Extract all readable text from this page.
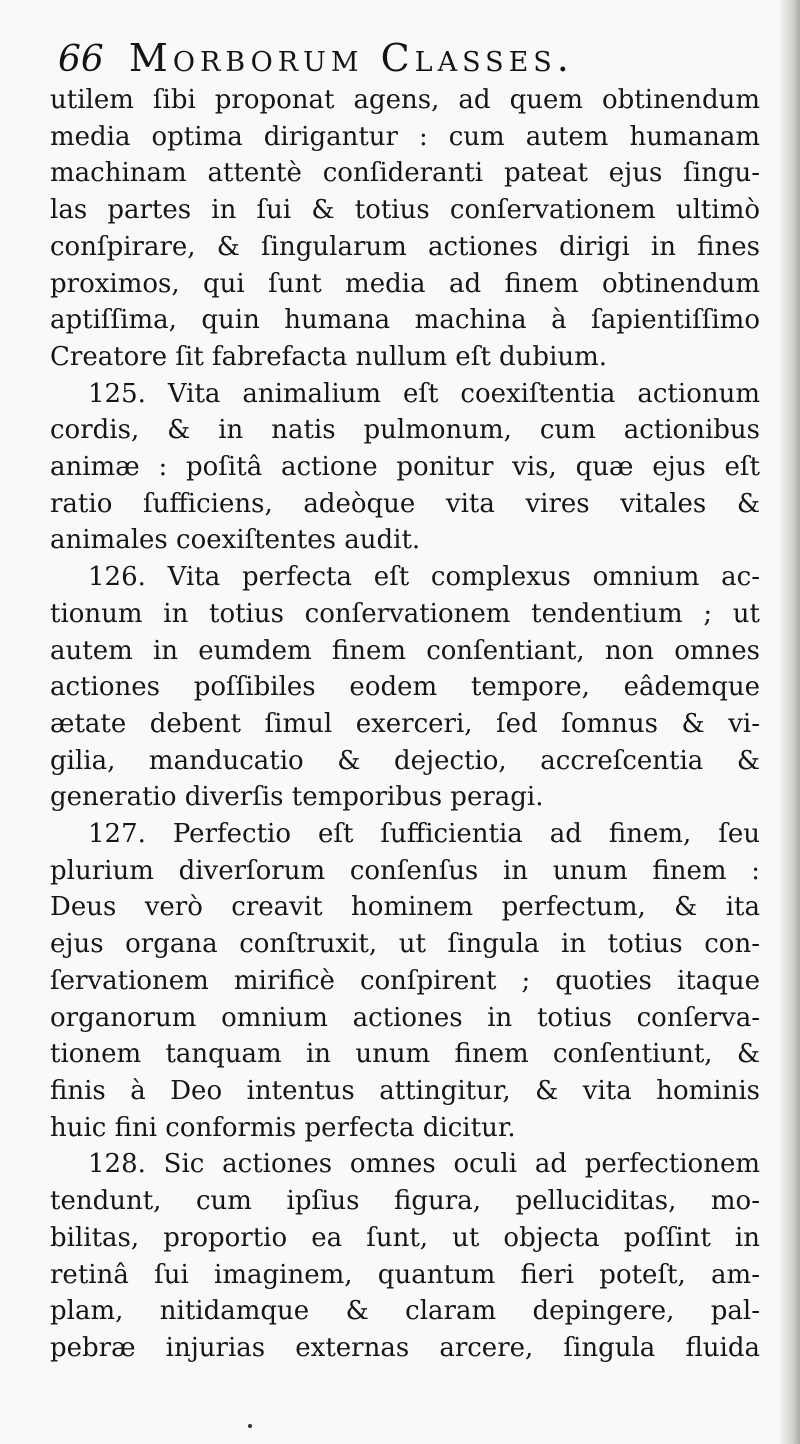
66 Morborum Classes.
utilem ſibi proponat agens, ad quem obtinendum
media optima dirigantur : cum autem humanam
machinam attentè conſideranti pateat ejus ſingu-
las partes in ſui & totius conſervationem ultimò
conſpirare, & ſingularum actiones dirigi in fines
proximos, qui ſunt media ad finem obtinendum
aptiſſima, quin humana machina à ſapientiſſimo
Creatore ſit fabrefacta nullum eſt dubium.
125. Vita animalium eſt coexiſtentia actionum
cordis, & in natis pulmonum, cum actionibus
animæ : poſitâ actione ponitur vis, quæ ejus eſt
ratio ſufficiens, adeòque vita vires vitales &
animales coexiſtentes audit.
126. Vita perfecta eſt complexus omnium ac-
tionum in totius conſervationem tendentium ; ut
autem in eumdem finem conſentiant, non omnes
actiones poſſibiles eodem tempore, eâdemque
ætate debent ſimul exerceri, ſed ſomnus & vi-
gilia, manducatio & dejectio, accreſcentia &
generatio diverſis temporibus peragi.
127. Perfectio eſt ſufficientia ad finem, ſeu
plurium diverſorum conſenſus in unum finem :
Deus verò creavit hominem perfectum, & ita
ejus organa conſtruxit, ut ſingula in totius con-
ſervationem mirificè conſpirent ; quoties itaque
organorum omnium actiones in totius conſerva-
tionem tanquam in unum finem conſentiunt, &
finis à Deo intentus attingitur, & vita hominis
huic fini conformis perfecta dicitur.
128. Sic actiones omnes oculi ad perfectionem
tendunt, cum ipſius figura, pelluciditas, mo-
bilitas, proportio ea ſunt, ut objecta poſſint in
retinâ ſui imaginem, quantum fieri poteſt, am-
plam, nitidamque & claram depingere, pal-
pebræ injurias externas arcere, ſingula fluida
